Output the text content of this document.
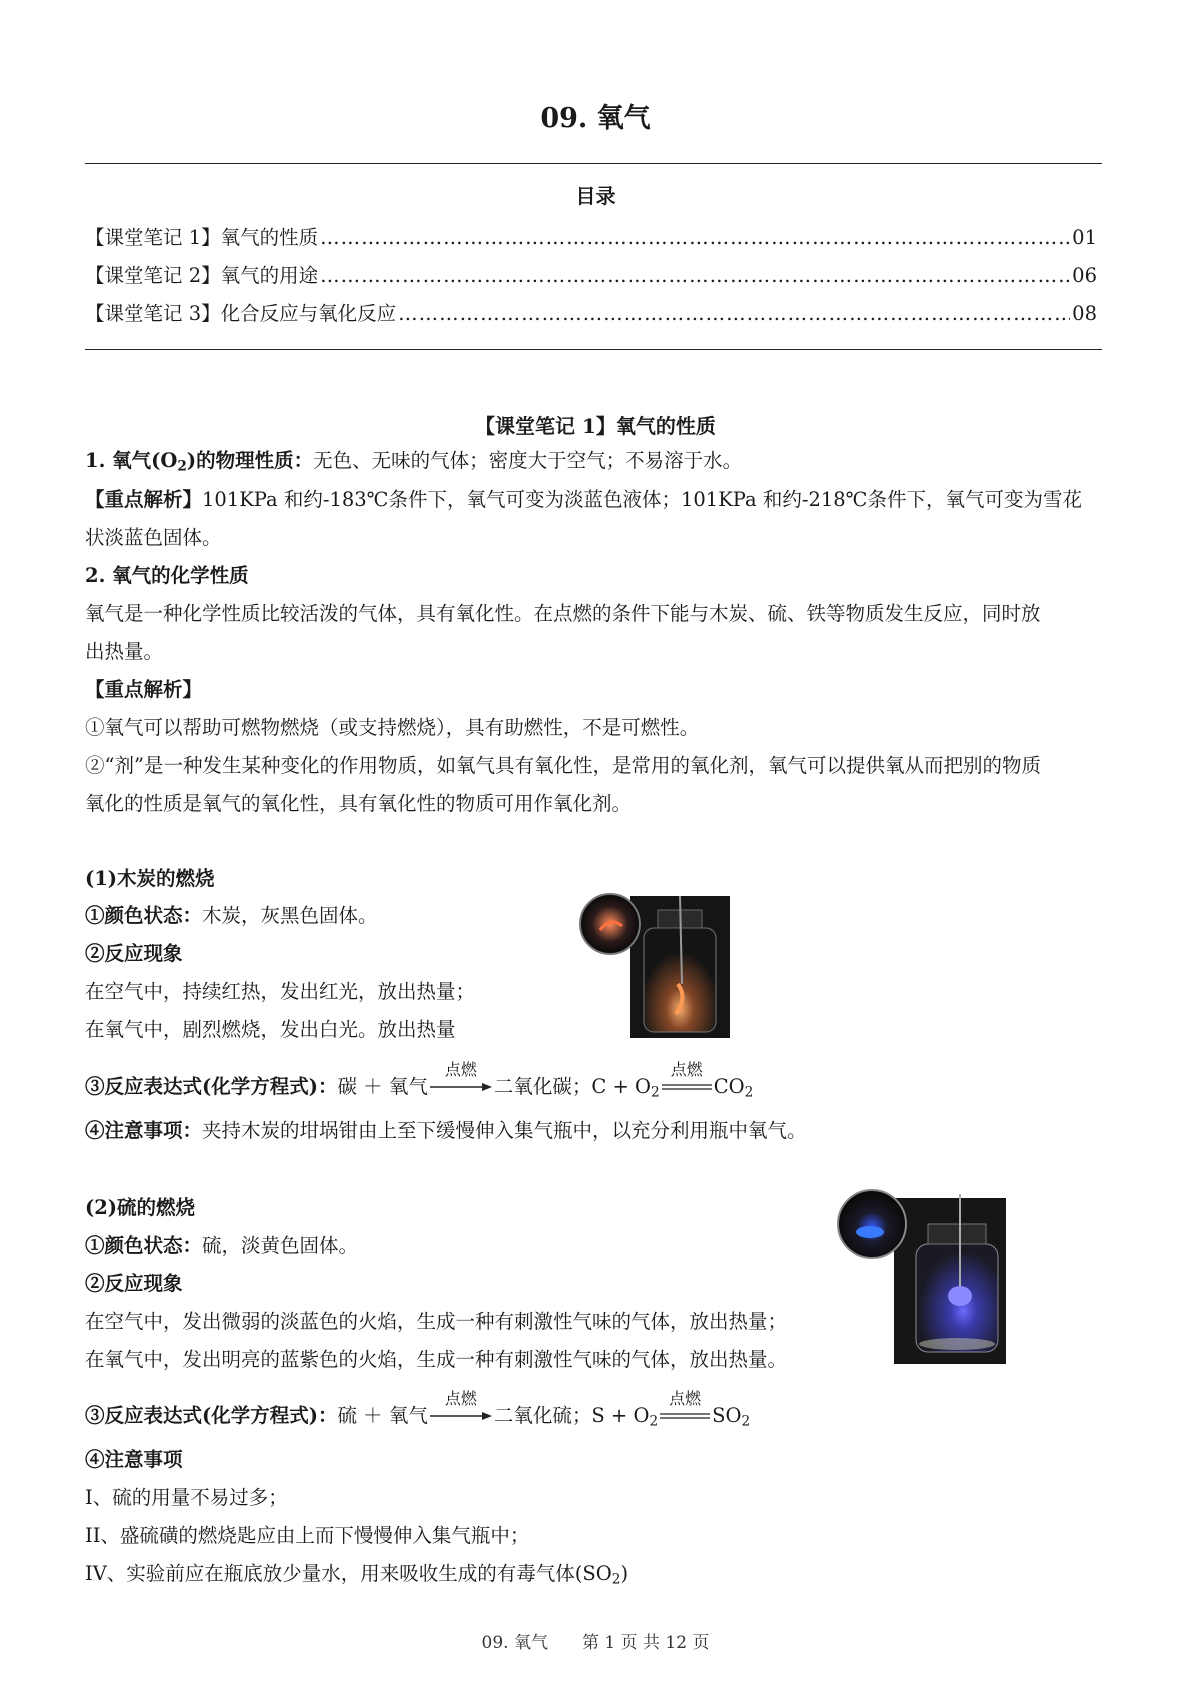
09. 氧气
目录
【课堂笔记 1】氧气的性质 …………………………………………………………………………………………………………………………………………………………………………	01
【课堂笔记 2】氧气的用途 …………………………………………………………………………………………………………………………………………………………………………	06
【课堂笔记 3】化合反应与氧化反应 …………………………………………………………………………………………………………………………………………………………………………	08
【课堂笔记 1】氧气的性质
1. 氧气$(O_2)$的物理性质：无色、无味的气体；密度大于空气；不易溶于水。
【重点解析】101KPa 和约-183℃条件下，氧气可变为淡蓝色液体；101KPa 和约-218℃条件下，氧气可变为雪花
状淡蓝色固体。
2. 氧气的化学性质
氧气是一种化学性质比较活泼的气体，具有氧化性。在点燃的条件下能与木炭、硫、铁等物质发生反应，同时放
出热量。
【重点解析】
①氧气可以帮助可燃物燃烧（或支持燃烧），具有助燃性，不是可燃性。
②“剂”是一种发生某种变化的作用物质，如氧气具有氧化性，是常用的氧化剂，氧气可以提供氧从而把别的物质
氧化的性质是氧气的氧化性，具有氧化性的物质可用作氧化剂。
(1)木炭的燃烧
①颜色状态：木炭，灰黑色固体。
②反应现象
在空气中，持续红热，发出红光，放出热量；
在氧气中，剧烈燃烧，发出白光。放出热量
③反应表达式(化学方程式)：碳 ＋ 氧气
点燃
二氧化碳；$C + O_2$
点燃
$CO_2$
④注意事项：夹持木炭的坩埚钳由上至下缓慢伸入集气瓶中，以充分利用瓶中氧气。
(2)硫的燃烧
①颜色状态：硫，淡黄色固体。
②反应现象
在空气中，发出微弱的淡蓝色的火焰，生成一种有刺激性气味的气体，放出热量；
在氧气中，发出明亮的蓝紫色的火焰，生成一种有刺激性气味的气体，放出热量。
③反应表达式(化学方程式)：硫 ＋ 氧气
点燃
二氧化硫；$S + O_2$
点燃
$SO_2$
④注意事项
I、硫的用量不易过多；
II、盛硫磺的燃烧匙应由上而下慢慢伸入集气瓶中；
IV、实验前应在瓶底放少量水，用来吸收生成的有毒气体$(SO_2)$
09. 氧气　　第 1 页 共 12 页
